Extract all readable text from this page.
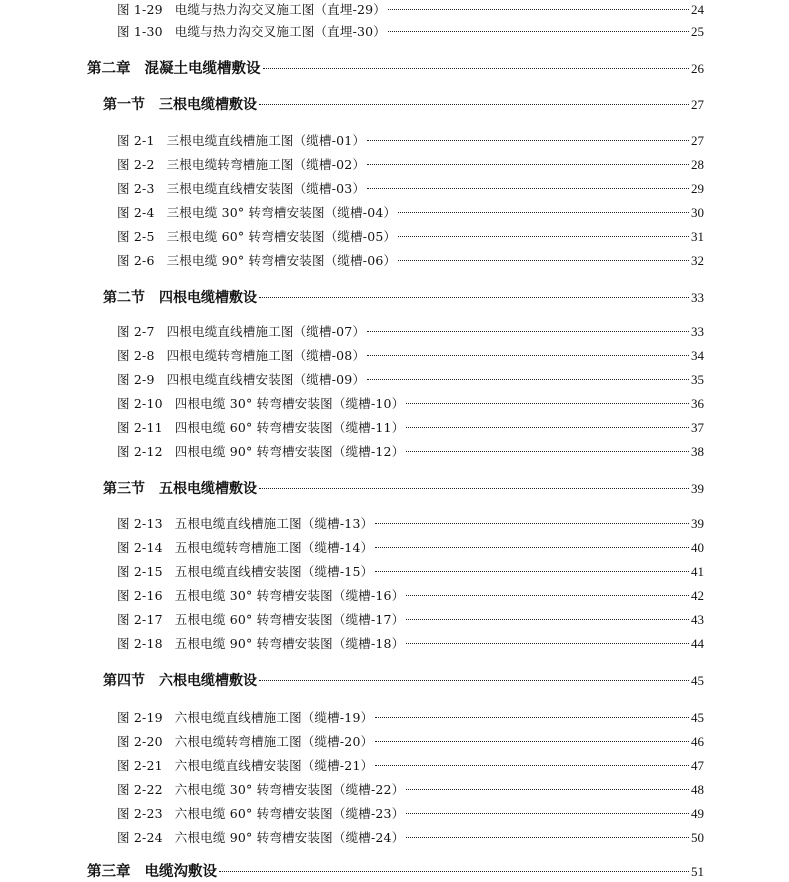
图 1-29 电缆与热力沟交叉施工图（直埋-29）	24
图 1-30 电缆与热力沟交叉施工图（直埋-30）	25
第二章 混凝土电缆槽敷设	26
第一节 三根电缆槽敷设	27
图 2-1 三根电缆直线槽施工图（缆槽-01）	27
图 2-2 三根电缆转弯槽施工图（缆槽-02）	28
图 2-3 三根电缆直线槽安装图（缆槽-03）	29
图 2-4 三根电缆 30° 转弯槽安装图（缆槽-04）	30
图 2-5 三根电缆 60° 转弯槽安装图（缆槽-05）	31
图 2-6 三根电缆 90° 转弯槽安装图（缆槽-06）	32
第二节 四根电缆槽敷设	33
图 2-7 四根电缆直线槽施工图（缆槽-07）	33
图 2-8 四根电缆转弯槽施工图（缆槽-08）	34
图 2-9 四根电缆直线槽安装图（缆槽-09）	35
图 2-10 四根电缆 30° 转弯槽安装图（缆槽-10）	36
图 2-11 四根电缆 60° 转弯槽安装图（缆槽-11）	37
图 2-12 四根电缆 90° 转弯槽安装图（缆槽-12）	38
第三节 五根电缆槽敷设	39
图 2-13 五根电缆直线槽施工图（缆槽-13）	39
图 2-14 五根电缆转弯槽施工图（缆槽-14）	40
图 2-15 五根电缆直线槽安装图（缆槽-15）	41
图 2-16 五根电缆 30° 转弯槽安装图（缆槽-16）	42
图 2-17 五根电缆 60° 转弯槽安装图（缆槽-17）	43
图 2-18 五根电缆 90° 转弯槽安装图（缆槽-18）	44
第四节 六根电缆槽敷设	45
图 2-19 六根电缆直线槽施工图（缆槽-19）	45
图 2-20 六根电缆转弯槽施工图（缆槽-20）	46
图 2-21 六根电缆直线槽安装图（缆槽-21）	47
图 2-22 六根电缆 30° 转弯槽安装图（缆槽-22）	48
图 2-23 六根电缆 60° 转弯槽安装图（缆槽-23）	49
图 2-24 六根电缆 90° 转弯槽安装图（缆槽-24）	50
第三章 电缆沟敷设	51
